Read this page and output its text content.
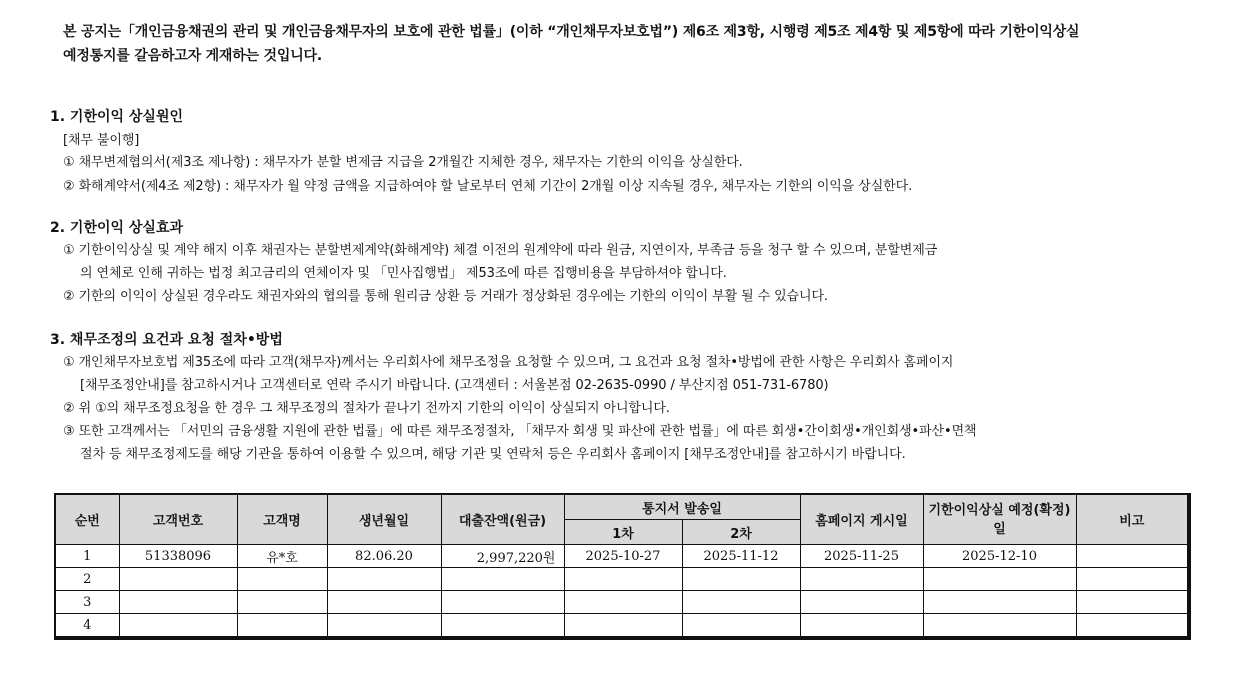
본 공지는「개인금융채권의 관리 및 개인금융채무자의 보호에 관한 법률」(이하 “개인채무자보호법”) 제6조 제3항, 시행령 제5조 제4항 및 제5항에 따라 기한이익상실
예정통지를 갈음하고자 게재하는 것입니다.
1. 기한이익 상실원인
[채무 불이행]
① 채무변제협의서(제3조 제나항) : 채무자가 분할 변제금 지급을 2개월간 지체한 경우, 채무자는 기한의 이익을 상실한다.
② 화해계약서(제4조 제2항) : 채무자가 월 약정 금액을 지급하여야 할 날로부터 연체 기간이 2개월 이상 지속될 경우, 채무자는 기한의 이익을 상실한다.
2. 기한이익 상실효과
① 기한이익상실 및 계약 해지 이후 채권자는 분할변제계약(화해계약) 체결 이전의 원계약에 따라 원금, 지연이자, 부족금 등을 청구 할 수 있으며, 분할변제금
의 연체로 인해 귀하는 법정 최고금리의 연체이자 및 「민사집행법」 제53조에 따른 집행비용을 부담하셔야 합니다.
② 기한의 이익이 상실된 경우라도 채권자와의 협의를 통해 원리금 상환 등 거래가 정상화된 경우에는 기한의 이익이 부활 될 수 있습니다.
3. 채무조정의 요건과 요청 절차•방법
① 개인채무자보호법 제35조에 따라 고객(채무자)께서는 우리회사에 채무조정을 요청할 수 있으며, 그 요건과 요청 절차•방법에 관한 사항은 우리회사 홈페이지
[채무조정안내]를 참고하시거나 고객센터로 연락 주시기 바랍니다. (고객센터 : 서울본점 02-2635-0990 / 부산지점 051-731-6780)
② 위 ①의 채무조정요청을 한 경우 그 채무조정의 절차가 끝나기 전까지 기한의 이익이 상실되지 아니합니다.
③ 또한 고객께서는 「서민의 금융생활 지원에 관한 법률」에 따른 채무조정절차, 「채무자 회생 및 파산에 관한 법률」에 따른 회생•간이회생•개인회생•파산•면책
절차 등 채무조정제도를 해당 기관을 통하여 이용할 수 있으며, 해당 기관 및 연락처 등은 우리회사 홈페이지 [채무조정안내]를 참고하시기 바랍니다.
순번	고객번호	고객명	생년월일	대출잔액(원금)	통지서 발송일		홈페이지 게시일	기한이익상실 예정(확정)일	비고
					1차	2차			
1	51338096	유*호	82.06.20	2,997,220원	2025-10-27	2025-11-12	2025-11-25	2025-12-10	
2									
3									
4									
